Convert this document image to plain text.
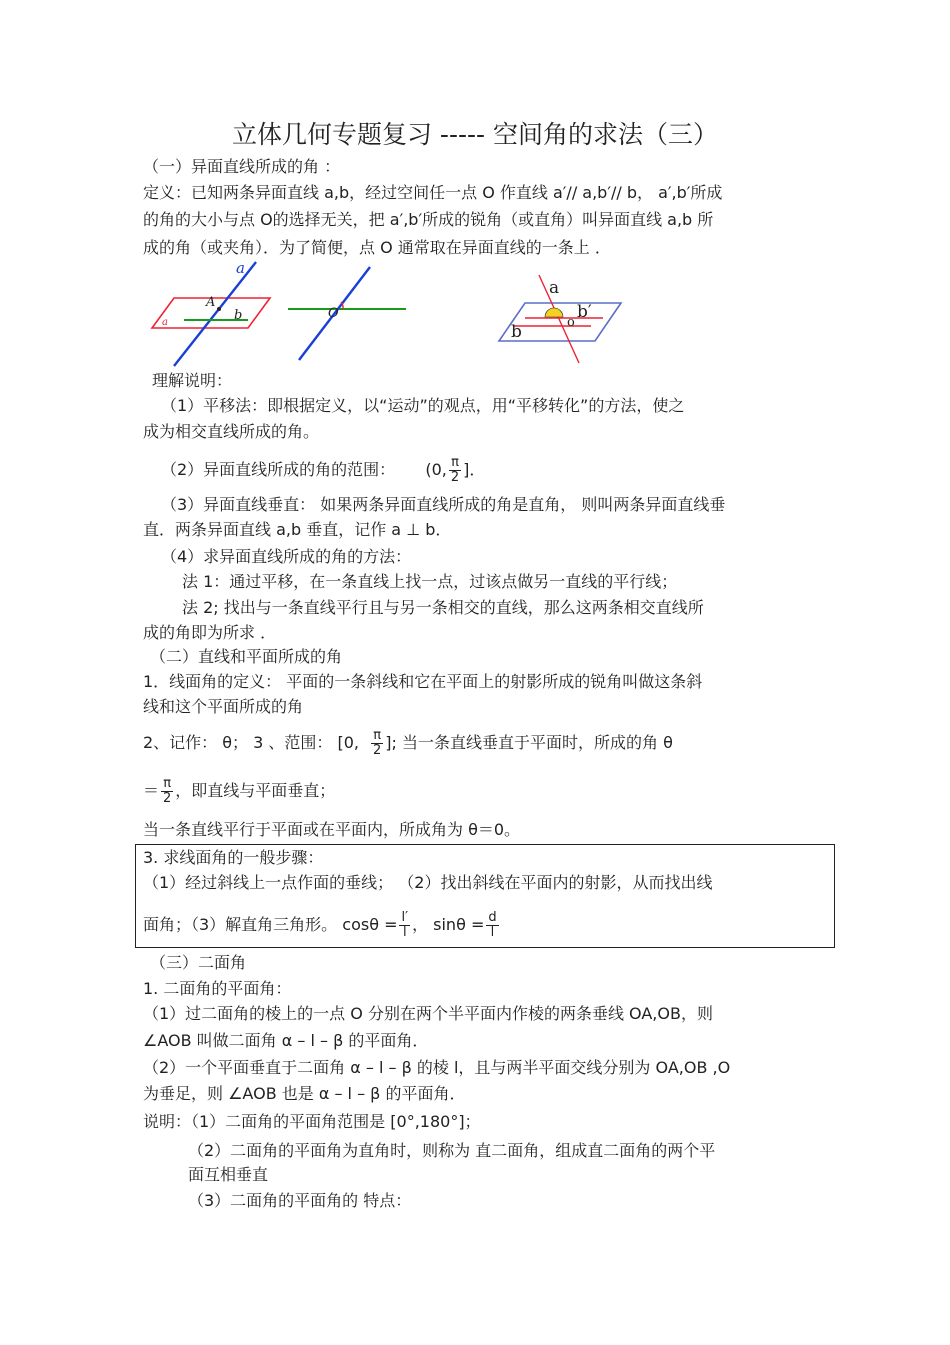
立体几何专题复习 ----- 空间角的求法（三）
（一）异面直线所成的角 ：
定义：已知两条异面直线 a,b，经过空间任一点 O 作直线 a′// a,b′// b， a′,b′所成
的角的大小与点 O的选择无关，把 a′,b′所成的锐角（或直角）叫异面直线 a,b 所
成的角（或夹角）．为了简便，点 O 通常取在异面直线的一条上 ．
a
A
b
a
O
a
b′
o
b
理解说明：
（1）平移法：即根据定义，以“运动”的观点，用“平移转化”的方法，使之
成为相交直线所成的角。
（2）异面直线所成的角的范围： (0, $\frac{\pi}{2}$ ]．
（3）异面直线垂直： 如果两条异面直线所成的角是直角， 则叫两条异面直线垂
直．两条异面直线 a,b 垂直，记作 a ⊥ b．
（4）求异面直线所成的角的方法：
法 1：通过平移，在一条直线上找一点，过该点做另一直线的平行线；
法 2; 找出与一条直线平行且与另一条相交的直线，那么这两条相交直线所
成的角即为所求 ．
（二）直线和平面所成的角
1．线面角的定义： 平面的一条斜线和它在平面上的射影所成的锐角叫做这条斜
线和这个平面所成的角
2、记作： θ； 3 、范围： [0, $\frac{\pi}{2}$ ]; 当一条直线垂直于平面时，所成的角 θ
＝ $\frac{\pi}{2}$ ，即直线与平面垂直；
当一条直线平行于平面或在平面内，所成角为 θ＝0。
3. 求线面角的一般步骤：
（1）经过斜线上一点作面的垂线； （2）找出斜线在平面内的射影，从而找出线
面角；（3）解直角三角形。 $\cos\theta = \frac{l'}{l}$ ， $\sin\theta = \frac{d}{l}$
（三）二面角
1. 二面角的平面角：
（1）过二面角的棱上的一点 O 分别在两个半平面内作棱的两条垂线 OA,OB，则
∠AOB 叫做二面角 α – l – β 的平面角．
（2）一个平面垂直于二面角 α – l – β 的棱 l，且与两半平面交线分别为 OA,OB ,O
为垂足，则 ∠AOB 也是 α – l – β 的平面角．
说明：（1）二面角的平面角范围是 [0°,180°]；
（2）二面角的平面角为直角时，则称为 直二面角，组成直二面角的两个平
面互相垂直
（3）二面角的平面角的 特点：
